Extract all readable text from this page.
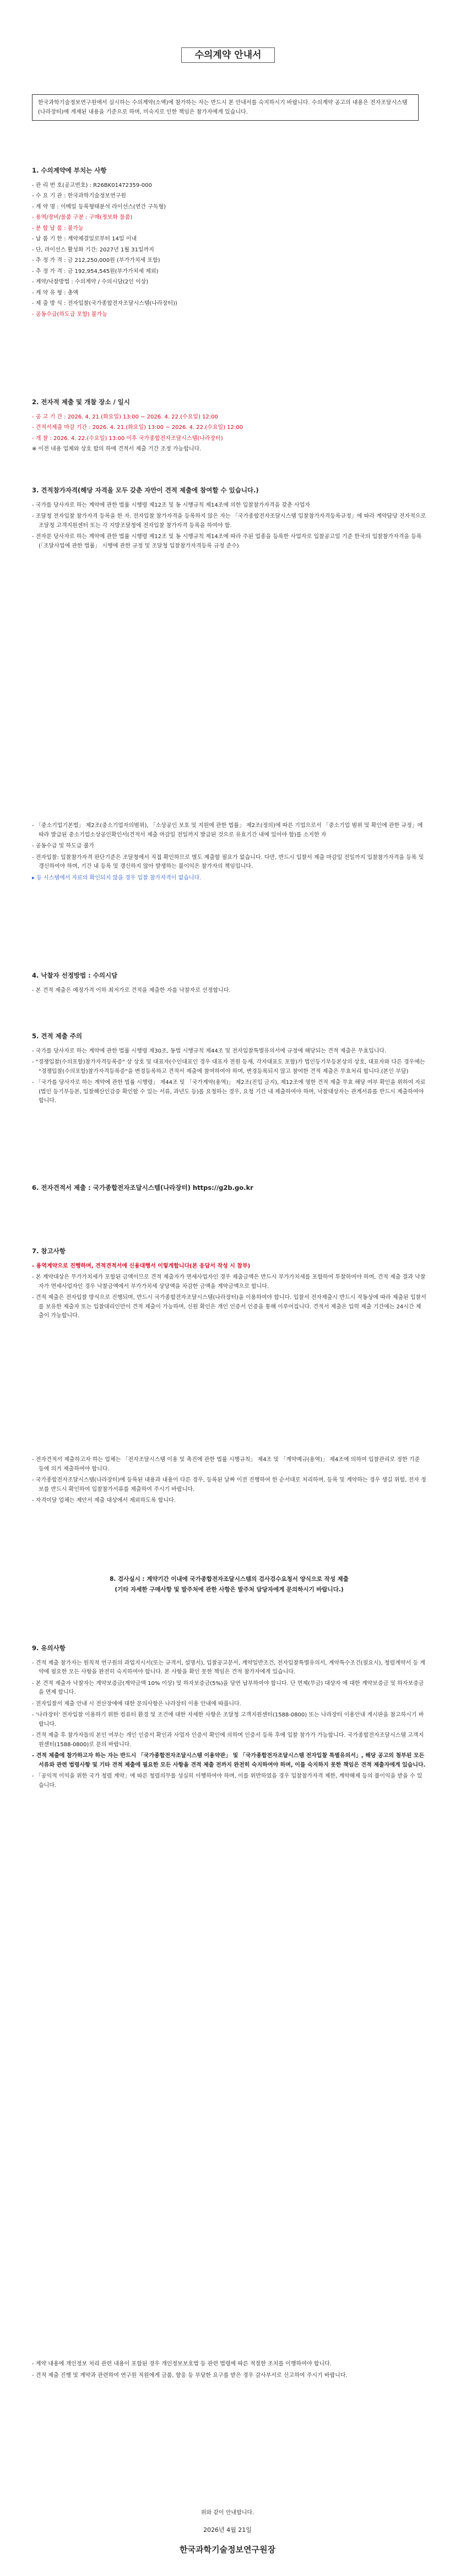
수의계약 안내서
한국과학기술정보연구원에서 실시하는 수의계약(소액)에 참가하는 자는 반드시 본 안내서를 숙지하시기 바랍니다. 수의계약 공고의 내용은 전자조달시스템(나라장터)에 게재된 내용을 기준으로 하며, 미숙지로 인한 책임은 참가자에게 있습니다.
1. 수의계약에 부치는 사항
- 관 리 번 호(공고번호) : R26BK01472359-000
- 수 요 기 관 : 한국과학기술정보연구원
- 계 약 명 : 이메일 등록형태분석 라이선스(연간 구독형)
- 용역/장비/물품 구분 : 구매(정보화 물품)
- 분 할 납 품 : 불가능
- 납 품 기 한 : 계약체결일로부터 14일 이내
- 단, 라이선스 활성화 기간: 2027년 1월 31일까지
- 추 정 가 격 : 금 212,250,000원 (부가가치세 포함)
- 추 정 가 격 : 금 192,954,545원(부가가치세 제외)
- 계약/낙찰방법 : 수의계약 / 수의시담(2인 이상)
- 계 약 유 형 : 총액
- 제 출 방 식 : 전자입찰(국가종합전자조달시스템(나라장터))
- 공동수급(하도급 포함) 불가능
2. 전자적 제출 및 개찰 장소 / 일시
- 공 고 기 간 : 2026. 4. 21.(화요일) 13:00 ~ 2026. 4. 22.(수요일) 12:00
- 견적서제출 마감 기간 : 2026. 4. 21.(화요일) 13:00 ~ 2026. 4. 22.(수요일) 12:00
- 개 찰 : 2026. 4. 22.(수요일) 13:00 이후 국가종합전자조달시스템(나라장터)
※ 이전 내용 업체와 상호 합의 하에 견적서 제출 기간 조정 가능합니다.
3. 견적참가자격(해당 자격을 모두 갖춘 자만이 견적 제출에 참여할 수 있습니다.)
- 국가를 당사자로 하는 계약에 관한 법률 시행령 제12조 및 동 시행규칙 제14조에 의한 입찰참가자격을 갖춘 사업자
- 조달청 전자입찰 참가자격 등록을 한 자. 전자입찰 참가자격을 등록하지 않은 자는 「국가종합전자조달시스템 입찰참가자격등록규정」에 따라 계약담당 전자적으로 조달청 고객지원센터 또는 각 지방조달청에 전자입찰 참가자격 등록을 하여야 함.
- 전자문 당사자로 하는 계약에 관한 법률 시행령 제12조 및 동 시행규칙 제14조에 따라 주된 업종을 등록한 사업자로 입찰공고일 기준 한국의 입찰참가자격을 등록(「조달사업에 관한 법률」 시행에 관한 규정 및 조달청 입찰참가자격등록 규정 준수)
- 「중소기업기본법」 제2조(중소기업자의범위), 「소상공인 보호 및 지원에 관한 법률」 제2조(정의)에 따른 기업으로서 「중소기업 범위 및 확인에 관한 규정」에 따라 발급된 중소기업소상공인확인서(견적서 제출 마감일 전일까지 발급된 것으로 유효기간 내에 있어야 함)를 소지한 자
- 공동수급 및 하도급 불가
- 전자입찰: 입찰참가자격 판단기준은 조달청에서 직접 확인하므로 별도 제출할 필요가 없습니다. 다만, 반드시 입찰서 제출 마감일 전일까지 입찰참가자격을 등록 및 갱신하여야 하며, 기간 내 등록 및 갱신하지 않아 발생하는 불이익은 참가자의 책임입니다.
▸ 등 시스템에서 자료의 확인되지 않을 경우 입찰 참가자격이 없습니다.
4. 낙찰자 선정방법 : 수의시담
- 본 견적 제출은 예정가격 이하 최저가로 견적을 제출한 자를 낙찰자로 선정합니다.
5. 견적 제출 주의
- 국가를 당사자로 하는 계약에 관한 법률 시행령 제30조, 동법 시행규칙 제44조 및 전자입찰특별유의서에 규정에 해당되는 견적 제출은 무효입니다.
- "경쟁입찰(수의포함)참가자격등록증" 상 상호 및 대표자(수인대표인 경우 대표자 전원 등재, 각자대표도 포함)가 법인등기부등본상의 상호, 대표자와 다른 경우에는 "경쟁입찰(수의포함)참가자격등록증"을 변경등록하고 견적서 제출에 참여하여야 하며, 변경등록되지 않고 참여한 견적 제출은 무효처리 합니다.(본인 부담)
- 「국가를 당사자로 하는 계약에 관한 법률 시행령」 제44조 및 「국가계약(용역)」 제2조(진입 금지), 제12조에 명한 견적 제출 무효 해당 여부 확인을 위하여 자료(법인 등기부등본, 입찰해산인감증 확인할 수 있는 서류, 과년도 등)를 요청하는 경우, 요청 기간 내 제출하여야 하며, 낙찰대상자는 관계서류를 반드시 제출하여야 합니다.
6. 전자견적서 제출 : 국가종합전자조달시스템(나라장터) https://g2b.go.kr
7. 참고사항
- 용역계약으로 진행하며, 견적견적서에 신용대행서 이렇게합니다(본 응답서 작성 시 참부)
- 본 계약대상은 무가가치세가 포함된 금액이므로 견적 제출자가 면세사업자인 경우 제출금액은 반드시 부가가치세를 포함하여 투찰하여야 하며, 견적 제출 결과 낙찰자가 면세사업자인 경우 낙찰금액에서 부가가치세 상당액을 차감한 금액을 계약금액으로 합니다.
- 견적 제출은 전자입찰 방식으로 진행되며, 반드시 국가종합전자조달시스템(나라장터)을 이용하여야 합니다. 입찰서 전자제출시 반드시 작동상에 따라 제출된 입찰서를 보유한 제출자 또는 입찰대리인만이 견적 제출이 가능하며, 신원 확인은 개인 인증서 인증을 통해 이루어집니다. 견적서 제출은 입력 제출 기간에는 24시간 제출이 가능합니다.
- 전자견적서 제출하고자 하는 업체는 「전자조달시스템 이용 및 촉진에 관한 법률 시행규칙」 제4조 및 「계약예규(용역)」 제4조에 의하여 입찰관리로 정한 기준 등에 의거 제출하여야 합니다.
- 국가종합전자조달시스템(나라장터)에 등록된 내용과 내용이 다른 경우, 등록된 날짜 이전 진행하여 한 순서대로 처리하며, 등록 및 계약하는 경우 생길 위험, 전자 정보를 반드시 확인하여 입찰참가서류를 제출하여 주시기 바랍니다.
- 자격미달 업체는 제안서 제출 대상에서 제외하도록 합니다.
8. 검사실시 : 계약기간 이내에 국가종합전자조달시스템의 검사검수요청서 양식으로 작성 제출
(기타 자세한 구매사항 및 발주처에 관한 사항은 발주처 담당자에게 문의하시기 바랍니다.)
9. 유의사항
- 견적 제출 참가자는 원칙적 연구원의 과업지시서(또는 규격서, 설명서), 입찰공고문서, 계약일반조건, 전자입찰특별유의서, 계약특수조건(필요시), 청렴계약서 등 계약에 필요한 모든 사항을 완전히 숙지하여야 합니다. 본 사항을 확인 못한 책임은 견적 참가자에게 있습니다.
- 본 견적 제출자 낙찰자는 계약보증금(계약금액 10% 이상) 및 하자보증금(5%)을 당연 납부하여야 합니다. 단 면제(무금) 대상자 에 대한 계약보증금 및 하자보증금을 면제 합니다.
- 전자입찰서 제출 안내 시 전산장애에 대한 문의사항은 나라장터 이용 안내에 따릅니다.
- '나라장터' 전자입찰 이용하기 위한 컴퓨터 환경 및 조건에 대한 자세한 사항은 조달청 고객지원센터(1588-0800) 또는 나라장터 이용안내 게시판을 참고하시기 바랍니다.
- 견적 제출 후 참가자들의 본인 여부는 개인 인증서 확인과 사업자 인증서 확인에 의하며 인증서 등록 후에 입찰 참가가 가능합니다. 국가종합전자조달시스템 고객지원센터(1588-0800)로 문의 바랍니다.
- 견적 제출에 참가하고자 하는 자는 반드시 「국가종합전자조달시스템 이용약관」 및 「국가종합전자조달시스템 전자입찰 특별유의서」, 해당 공고의 첨부된 모든 서류와 관련 법령사항 및 기타 견적 제출에 필요한 모든 사항을 견적 제출 전까지 완전히 숙지하여야 하며, 이를 숙지하지 못한 책임은 견적 제출자에게 있습니다.
- 「공익적 이익을 위한 국가 청렴 계약」에 따른 청렴의무를 성실히 이행하여야 하며, 이를 위반하였을 경우 입찰참가자격 제한, 계약해제 등의 불이익을 받을 수 있습니다.
- 계약 내용에 개인정보 처리 관련 내용이 포함된 경우 개인정보보호법 등 관련 법령에 따른 적절한 조치를 이행하여야 합니다.
- 견적 제출 진행 및 계약과 관련하여 연구원 직원에게 금품, 향응 등 부당한 요구를 받은 경우 감사부서로 신고하여 주시기 바랍니다.
위와 같이 안내합니다.
2026년 4월 21일
한국과학기술정보연구원장
